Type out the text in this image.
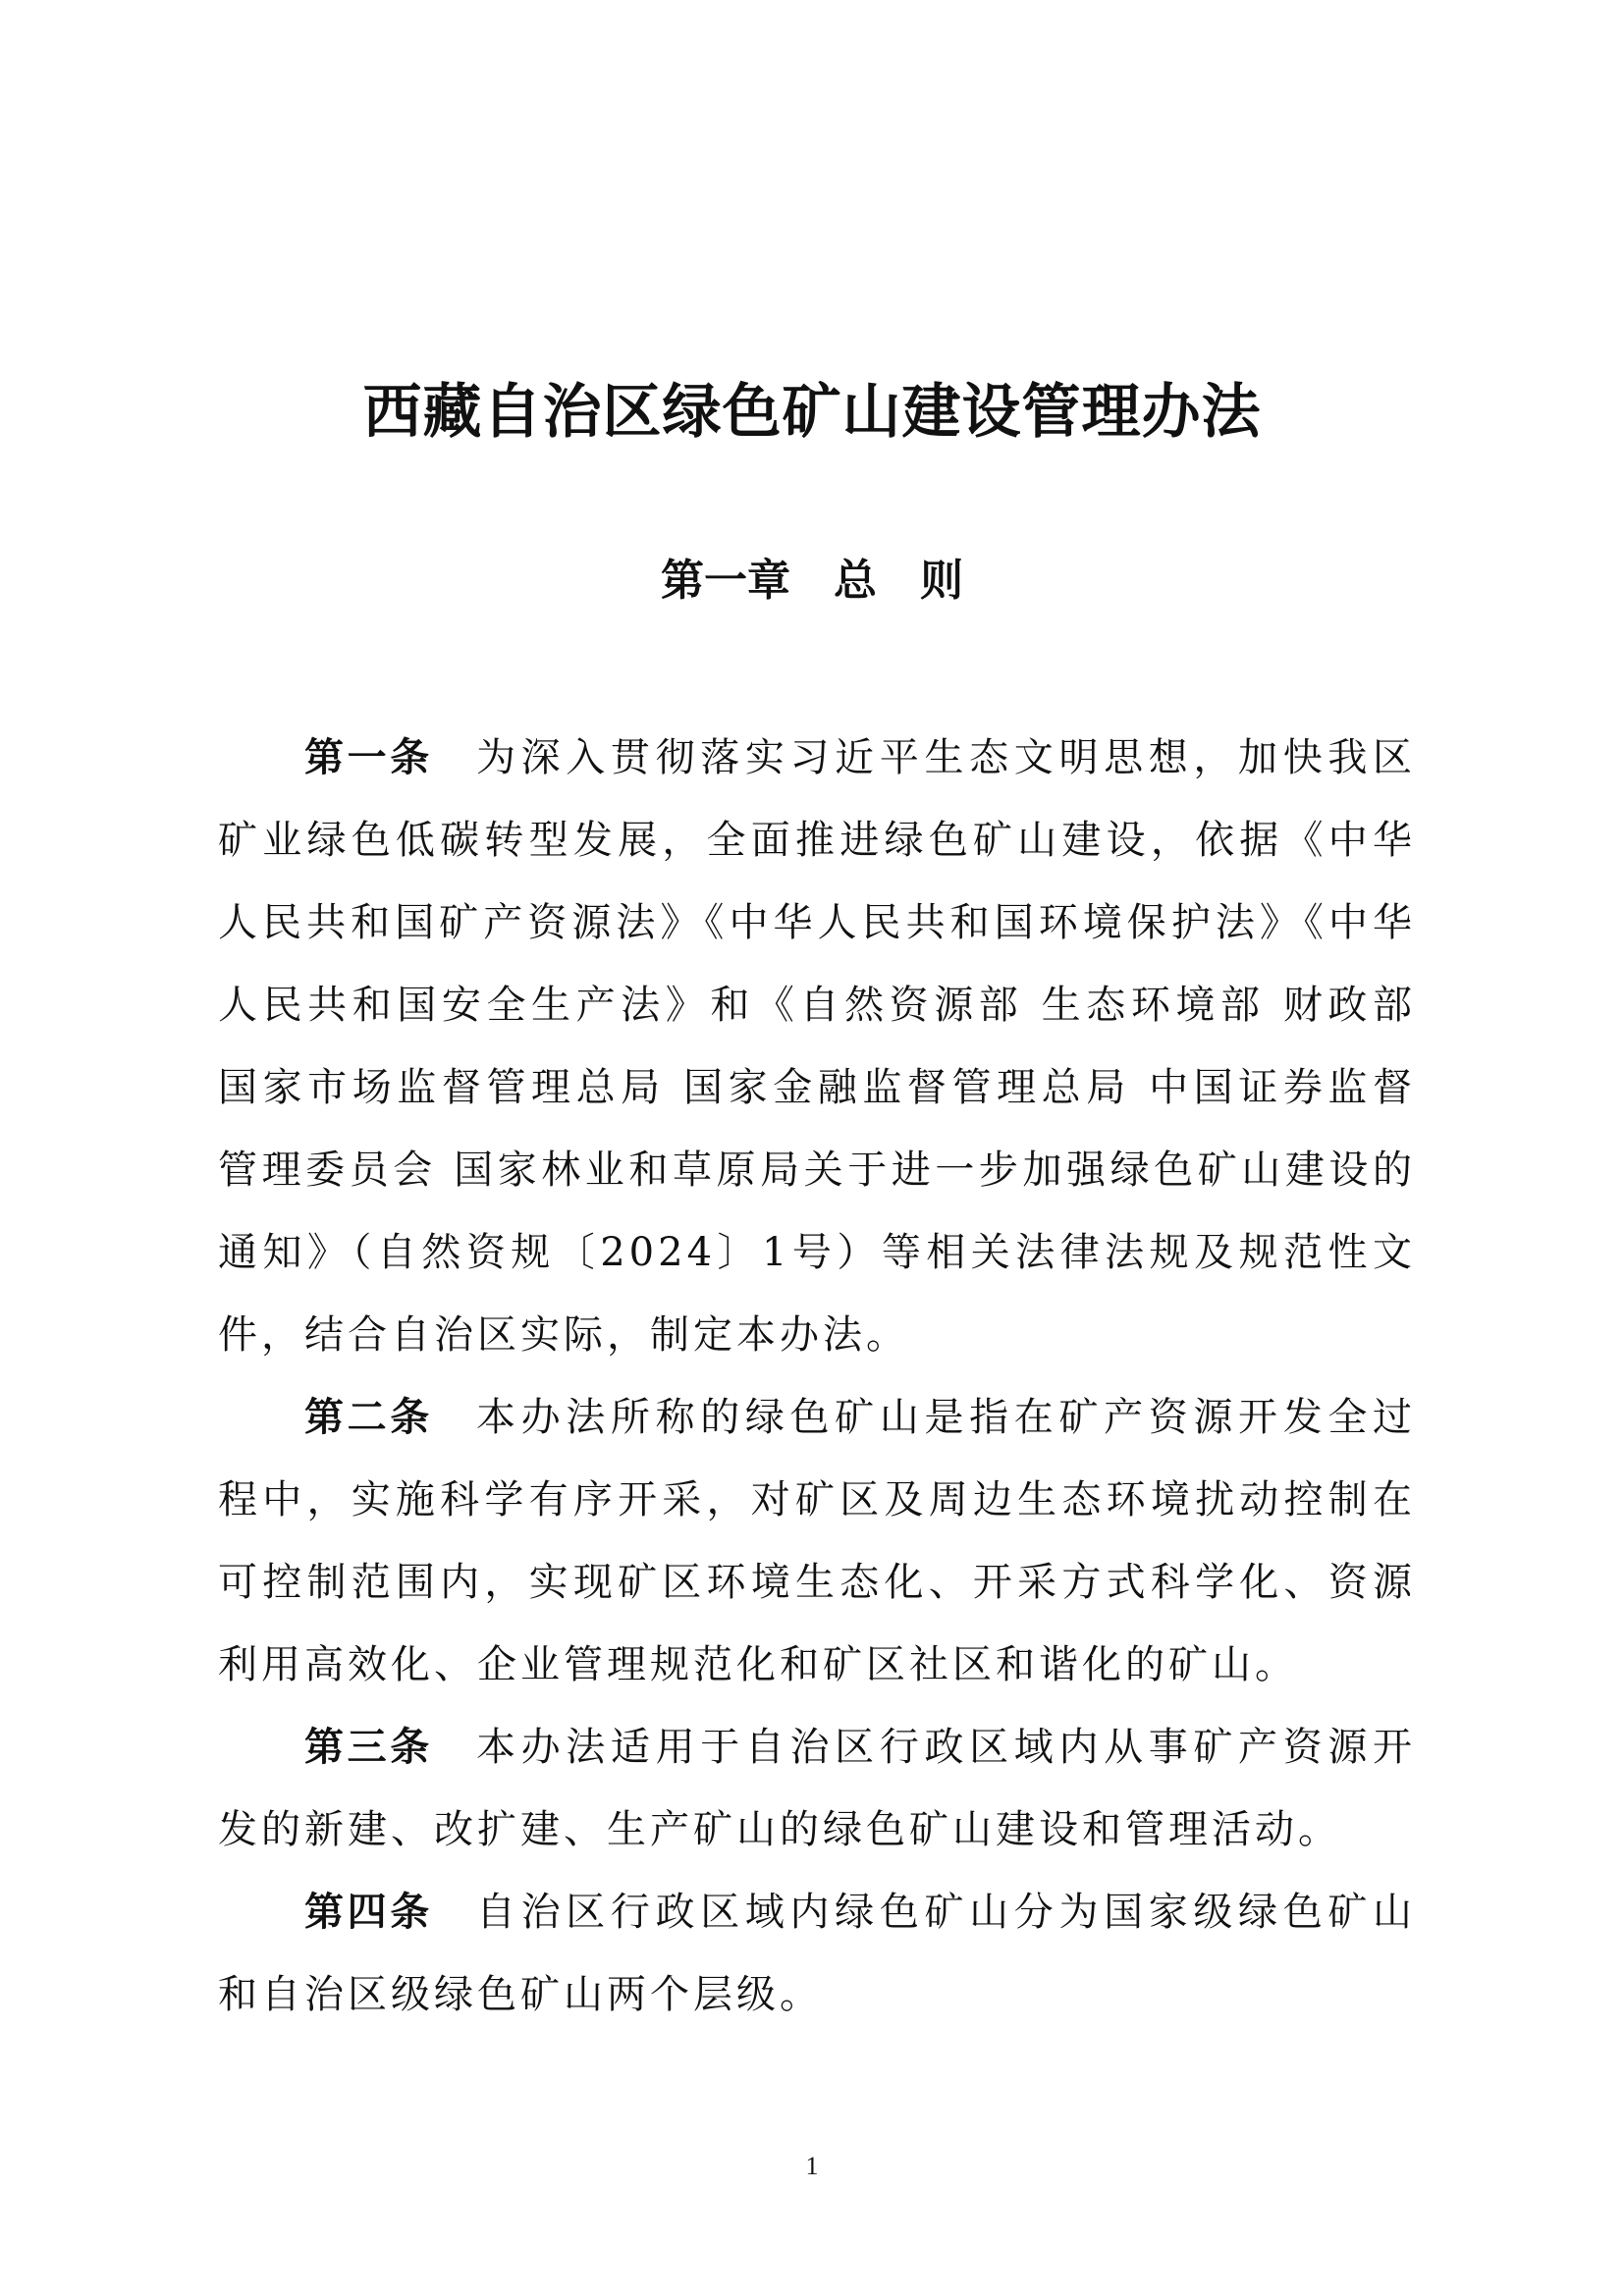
西藏自治区绿色矿山建设管理办法
第一章　总　则

第一条 为深入贯彻落实习近平生态文明思想，加快我区矿业绿色低碳转型发展，全面推进绿色矿山建设，依据《中华人民共和国矿产资源法》《中华人民共和国环境保护法》《中华人民共和国安全生产法》和《自然资源部 生态环境部 财政部 国家市场监督管理总局 国家金融监督管理总局 中国证券监督管理委员会 国家林业和草原局关于进一步加强绿色矿山建设的通知》（自然资规〔2024〕1号）等相关法律法规及规范性文件，结合自治区实际，制定本办法。

第二条 本办法所称的绿色矿山是指在矿产资源开发全过程中，实施科学有序开采，对矿区及周边生态环境扰动控制在可控制范围内，实现矿区环境生态化、开采方式科学化、资源利用高效化、企业管理规范化和矿区社区和谐化的矿山。

第三条 本办法适用于自治区行政区域内从事矿产资源开发的新建、改扩建、生产矿山的绿色矿山建设和管理活动。

第四条 自治区行政区域内绿色矿山分为国家级绿色矿山和自治区级绿色矿山两个层级。

1
